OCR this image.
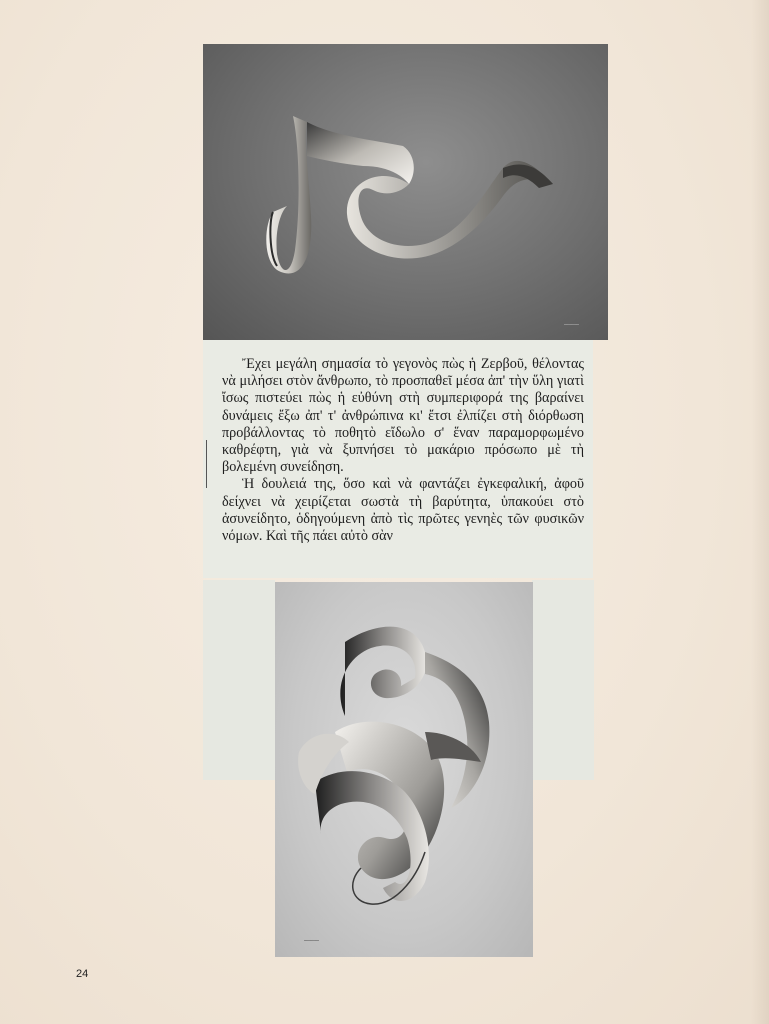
⁓⁓⁓

Ἔχει μεγάλη σημασία τὸ γεγονὸς πὼς ἡ Ζερβοῦ, θέλοντας νὰ μιλήσει στὸν ἄνθρωπο, τὸ προσπαθεῖ μέσα ἀπ' τὴν ὕλη γιατὶ ἴσως πιστεύει πὼς ἡ εὐθύνη στὴ συμπεριφορά της βαραίνει δυνάμεις ἔξω ἀπ' τ' ἀνθρώπινα κι' ἔτσι ἐλπίζει στὴ διόρθωση προβάλλοντας τὸ ποθητὸ εἴδωλο σ' ἕναν παραμορφωμένο καθρέφτη, γιὰ νὰ ξυπνήσει τὸ μακάριο πρόσωπο μὲ τὴ βολεμένη συνείδηση.

Ἡ δουλειά της, ὅσο καὶ νὰ φαντάζει ἐγκεφαλική, ἀφοῦ δείχνει νὰ χειρίζεται σωστὰ τὴ βαρύτητα, ὑπακούει στὸ ἀσυνείδητο, ὁδηγούμενη ἀπὸ τὶς πρῶτες γενηὲς τῶν φυσικῶν νόμων. Καὶ τῆς πάει αὐτὸ σὰν

⁓⁓⁓
24
